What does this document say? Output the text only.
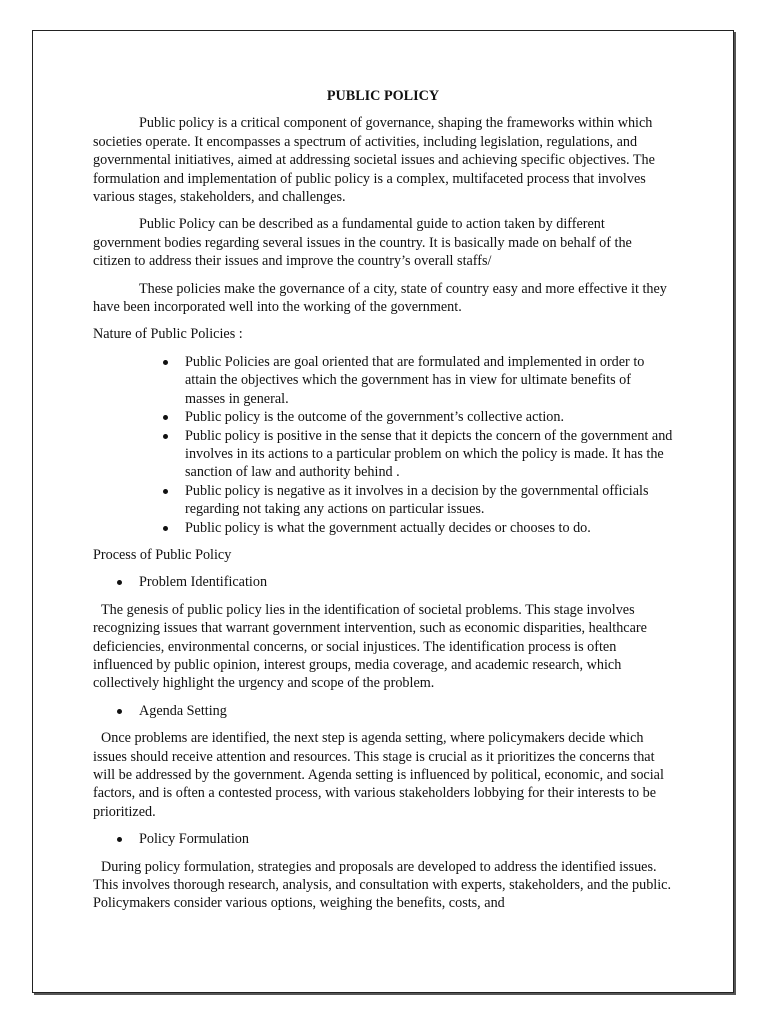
PUBLIC POLICY

Public policy is a critical component of governance, shaping the frameworks within which societies operate. It encompasses a spectrum of activities, including legislation, regulations, and governmental initiatives, aimed at addressing societal issues and achieving specific objectives. The formulation and implementation of public policy is a complex, multifaceted process that involves various stages, stakeholders, and challenges.

Public Policy can be described as a fundamental guide to action taken by different government bodies regarding several issues in the country. It is basically made on behalf of the citizen to address their issues and improve the country’s overall staffs/

These policies make the governance of a city, state of country easy and more effective it they have been incorporated well into the working of the government.

Nature of Public Policies :
Public Policies are goal oriented that are formulated and implemented in order to attain the objectives which the government has in view for ultimate benefits of masses in general.
Public policy is the outcome of the government’s collective action.
Public policy is positive in the sense that it depicts the concern of the government and involves in its actions to a particular problem on which the policy is made. It has the sanction of law and authority behind .
Public policy is negative as it involves in a decision by the governmental officials regarding not taking any actions on particular issues.
Public policy is what the government actually decides or chooses to do.
Process of Public Policy
Problem Identification

The genesis of public policy lies in the identification of societal problems. This stage involves recognizing issues that warrant government intervention, such as economic disparities, healthcare deficiencies, environmental concerns, or social injustices. The identification process is often influenced by public opinion, interest groups, media coverage, and academic research, which collectively highlight the urgency and scope of the problem.

Agenda Setting

Once problems are identified, the next step is agenda setting, where policymakers decide which issues should receive attention and resources. This stage is crucial as it prioritizes the concerns that will be addressed by the government. Agenda setting is influenced by political, economic, and social factors, and is often a contested process, with various stakeholders lobbying for their interests to be prioritized.

Policy Formulation

During policy formulation, strategies and proposals are developed to address the identified issues. This involves thorough research, analysis, and consultation with experts, stakeholders, and the public. Policymakers consider various options, weighing the benefits, costs, and
